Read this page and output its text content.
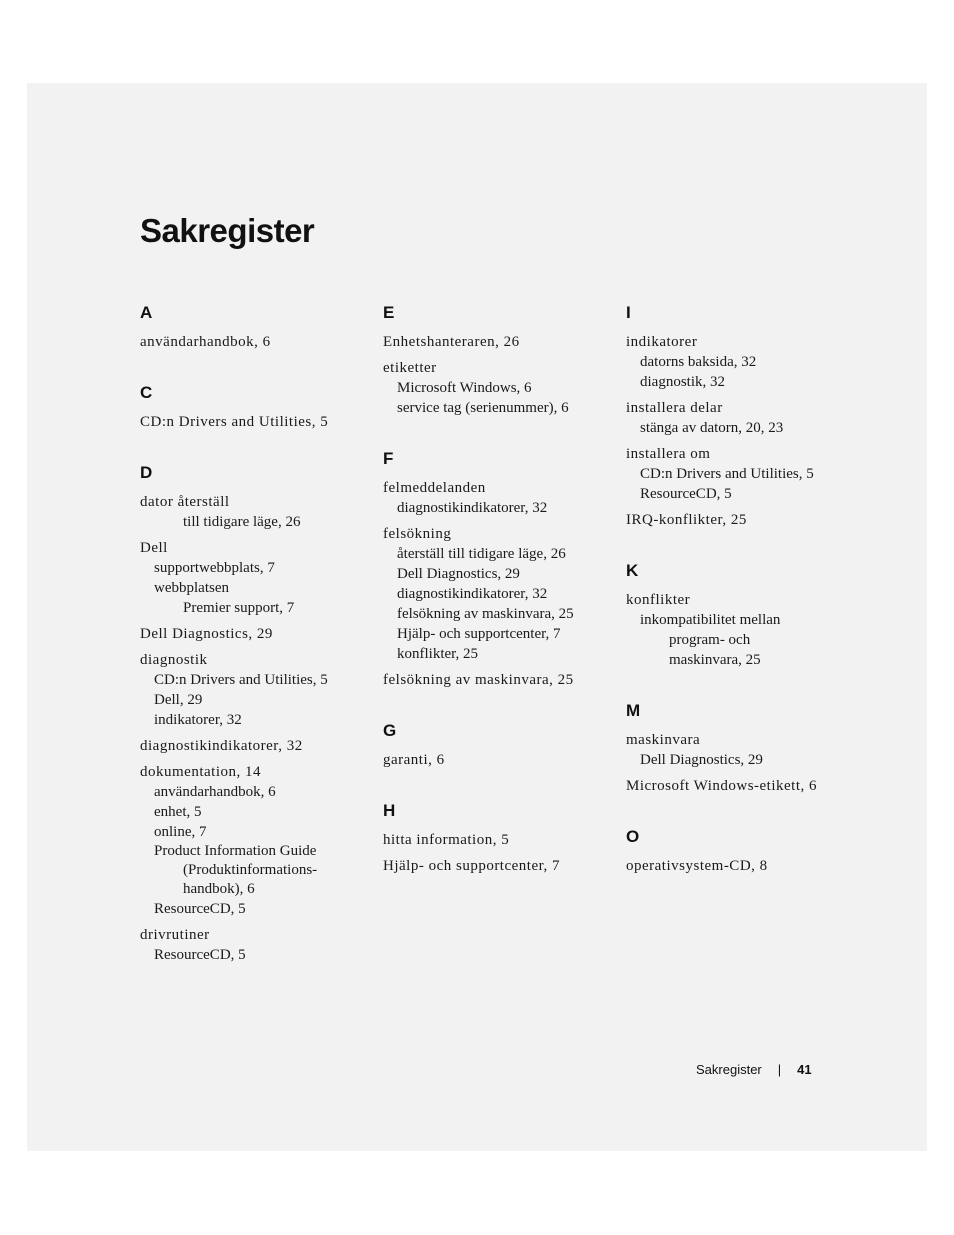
Sakregister
A
användarhandbok, 6
C
CD:n Drivers and Utilities, 5
D
dator återställ
till tidigare läge, 26
Dell
supportwebbplats, 7
webbplatsen
Premier support, 7
Dell Diagnostics, 29
diagnostik
CD:n Drivers and Utilities, 5
Dell, 29
indikatorer, 32
diagnostikindikatorer, 32
dokumentation, 14
användarhandbok, 6
enhet, 5
online, 7
Product Information Guide (Produktinformations-handbok), 6
ResourceCD, 5
drivrutiner
ResourceCD, 5
E
Enhetshanteraren, 26
etiketter
Microsoft Windows, 6
service tag (serienummer), 6
F
felmeddelanden
diagnostikindikatorer, 32
felsökning
återställ till tidigare läge, 26
Dell Diagnostics, 29
diagnostikindikatorer, 32
felsökning av maskinvara, 25
Hjälp- och supportcenter, 7
konflikter, 25
felsökning av maskinvara, 25
G
garanti, 6
H
hitta information, 5
Hjälp- och supportcenter, 7
I
indikatorer
datorns baksida, 32
diagnostik, 32
installera delar
stänga av datorn, 20, 23
installera om
CD:n Drivers and Utilities, 5
ResourceCD, 5
IRQ-konflikter, 25
K
konflikter
inkompatibilitet mellan
program- och
maskinvara, 25
M
maskinvara
Dell Diagnostics, 29
Microsoft Windows-etikett, 6
O
operativsystem-CD, 8
Sakregister | 41
